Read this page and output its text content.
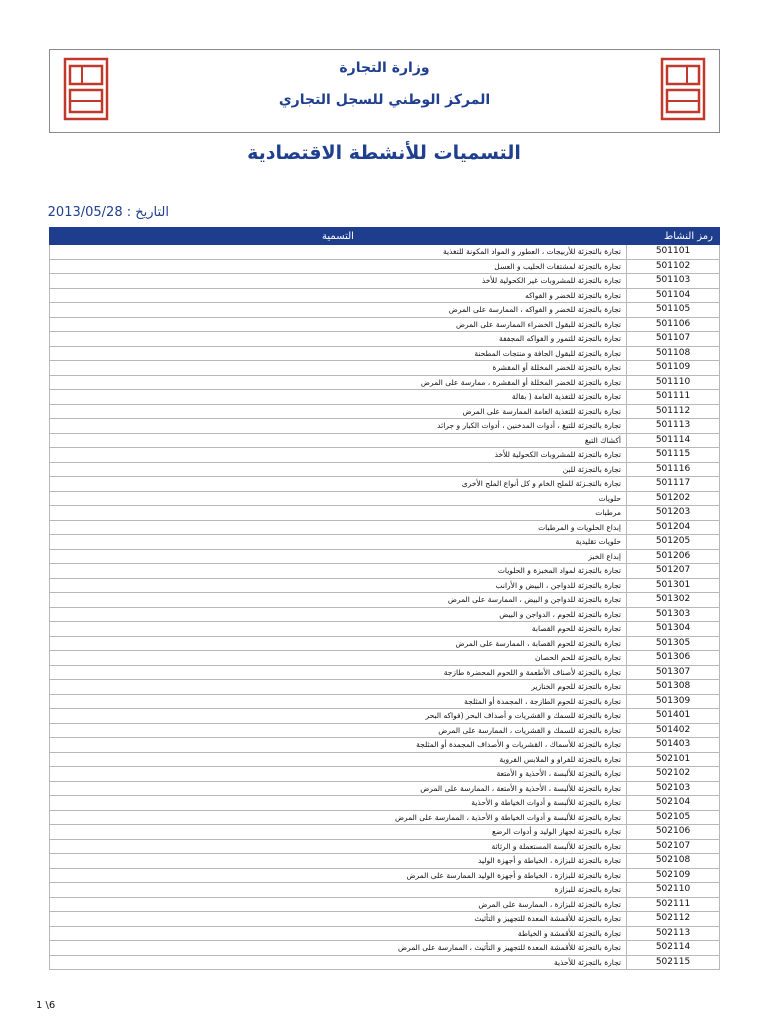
وزارة التجارة
المركز الوطني للسجل التجاري
التسميات للأنشطة الاقتصادية
التاريخ : 2013/05/28
رمز النشاط	التسمية
501101	تجارة بالتجزئة للأربيجات ، العطور و المواد المكونة للتغذية
501102	تجارة بالتجزئة لمشتقات الحليب و العسل
501103	تجارة بالتجزئة للمشروبات غير الكحولية للأخذ
501104	تجارة بالتجزئة للخضر و الفواكه
501105	تجارة بالتجزئة للخضر و الفواكه ، الممارسة على المرض
501106	تجارة بالتجزئة للبقول الخضراء الممارسة على المرض
501107	تجارة بالتجزئة للتمور و الفواكه المجففة
501108	تجارة بالتجزئة للبقول الجافة و منتجات المطحنة
501109	تجارة بالتجزئة للخضر المخللة أو المقشرة
501110	تجارة بالتجزئة للخضر المخللة أو المقشرة ، ممارسة على المرض
501111	تجارة بالتجزئة للتغذية العامة ( بقالة
501112	تجارة بالتجزئة للتغذية العامة الممارسة على المرض
501113	تجارة بالتجزئة للتبغ ، أدوات المدخنين ، أدوات الكبار و جرائد
501114	أكشاك التبغ
501115	تجارة بالتجزئة للمشروبات الكحولية للأخذ
501116	تجارة بالتجزئة للبن
501117	تجارة بالتجـزئة للملح الخام و كل أنواع الملح الأخرى
501202	حلويات
501203	مرطبات
501204	إبداع الحلويات و المرطبات
501205	حلويات تقليدية
501206	إبداع الخبز
501207	تجارة بالتجزئة لمواد المخبزة و الحلويات
501301	تجارة بالتجزئة للدواجن ، البيض و الأرانب
501302	تجارة بالتجزئة للدواجن و البيض ، الممارسة على المرض
501303	تجارة بالتجزئة للحوم ، الدواجن و البيض
501304	تجارة بالتجزئة للحوم القصابة
501305	تجارة بالتجزئة للحوم القصابة ، الممارسة على المرض
501306	تجارة بالتجزئة للحم الحصان
501307	تجارة بالتجزئة لأصناف الأطعمة و اللحوم المحضرة طازجة
501308	تجارة بالتجزئة للحوم الخنازير
501309	تجارة بالتجزئة للحوم الطازجة ، المجمدة أو المثلجة
501401	تجارة بالتجزئة للسمك و القشريات و أصداف البحر (فواكه البحر
501402	تجارة بالتجزئة للسمك و القشريات ، الممارسة على المرض
501403	تجارة بالتجزئة للأسماك ، القشريات و الأصداف المجمدة أو المثلجة
502101	تجارة بالتجزئة للفراو و الملابس الفروية
502102	تجارة بالتجزئة للألبسة ، الأحذية و الأمتعة
502103	تجارة بالتجزئة للألبسة ، الأحذية و الأمتعة ، الممارسة على المرض
502104	تجارة بالتجزئة للألبسة و أدوات الخياطة و الأحذية
502105	تجارة بالتجزئة للألبسة و أدوات الخياطة و الأحذية ، الممارسة على المرض
502106	تجارة بالتجزئة لجهاز الوليد و أدوات الرضع
502107	تجارة بالتجزئة للألبسة المستعملة و الرثاثة
502108	تجارة بالتجزئة للبزازة ، الخياطة و أجهزة الوليد
502109	تجارة بالتجزئة للبزازة ، الخياطة و أجهزة الوليد الممارسة على المرض
502110	تجارة بالتجزئة للبزازة
502111	تجارة بالتجزئة للبزازة ، الممارسة على المرض
502112	تجارة بالتجزئة للأقمشة المعدة للتجهيز و التأثيث
502113	تجارة بالتجزئة للأقمشة و الخياطة
502114	تجارة بالتجزئة للأقمشة المعدة للتجهيز و التأثيث ، الممارسة على المرض
502115	تجارة بالتجزئة للأحذية
1 \6
